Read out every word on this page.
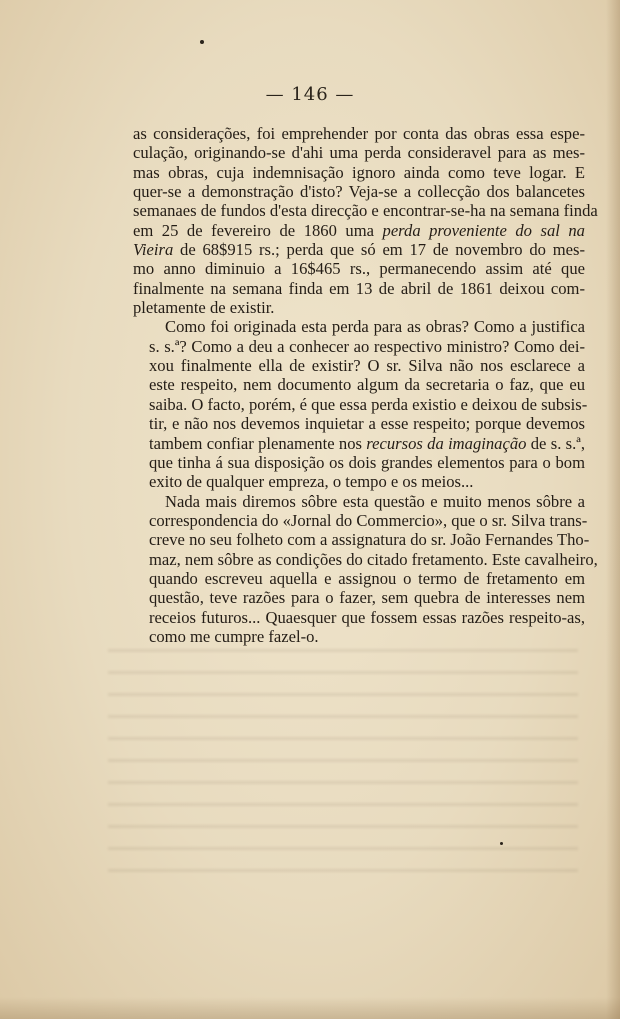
— 146 —

as considerações, foi emprehender por conta das obras essa espe-
culação, originando-se d'ahi uma perda consideravel para as mes-
mas obras, cuja indemnisação ignoro ainda como teve logar. E
quer-se a demonstração d'isto? Veja-se a collecção dos balancetes
semanaes de fundos d'esta direcção e encontrar-se-ha na semana finda
em 25 de fevereiro de 1860 uma perda proveniente do sal na
Vieira de 68$915 rs.; perda que só em 17 de novembro do mes-
mo anno diminuio a 16$465 rs., permanecendo assim até que
finalmente na semana finda em 13 de abril de 1861 deixou com-
pletamente de existir.

Como foi originada esta perda para as obras? Como a justifica
s. s.ª? Como a deu a conhecer ao respectivo ministro? Como dei-
xou finalmente ella de existir? O sr. Silva não nos esclarece a
este respeito, nem documento algum da secretaria o faz, que eu
saiba. O facto, porém, é que essa perda existio e deixou de subsis-
tir, e não nos devemos inquietar a esse respeito; porque devemos
tambem confiar plenamente nos recursos da imaginação de s. s.ª,
que tinha á sua disposição os dois grandes elementos para o bom
exito de qualquer empreza, o tempo e os meios...

Nada mais diremos sôbre esta questão e muito menos sôbre a
correspondencia do «Jornal do Commercio», que o sr. Silva trans-
creve no seu folheto com a assignatura do sr. João Fernandes Tho-
maz, nem sôbre as condições do citado fretamento. Este cavalheiro,
quando escreveu aquella e assignou o termo de fretamento em
questão, teve razões para o fazer, sem quebra de interesses nem
receios futuros... Quaesquer que fossem essas razões respeito-as,
como me cumpre fazel-o.
